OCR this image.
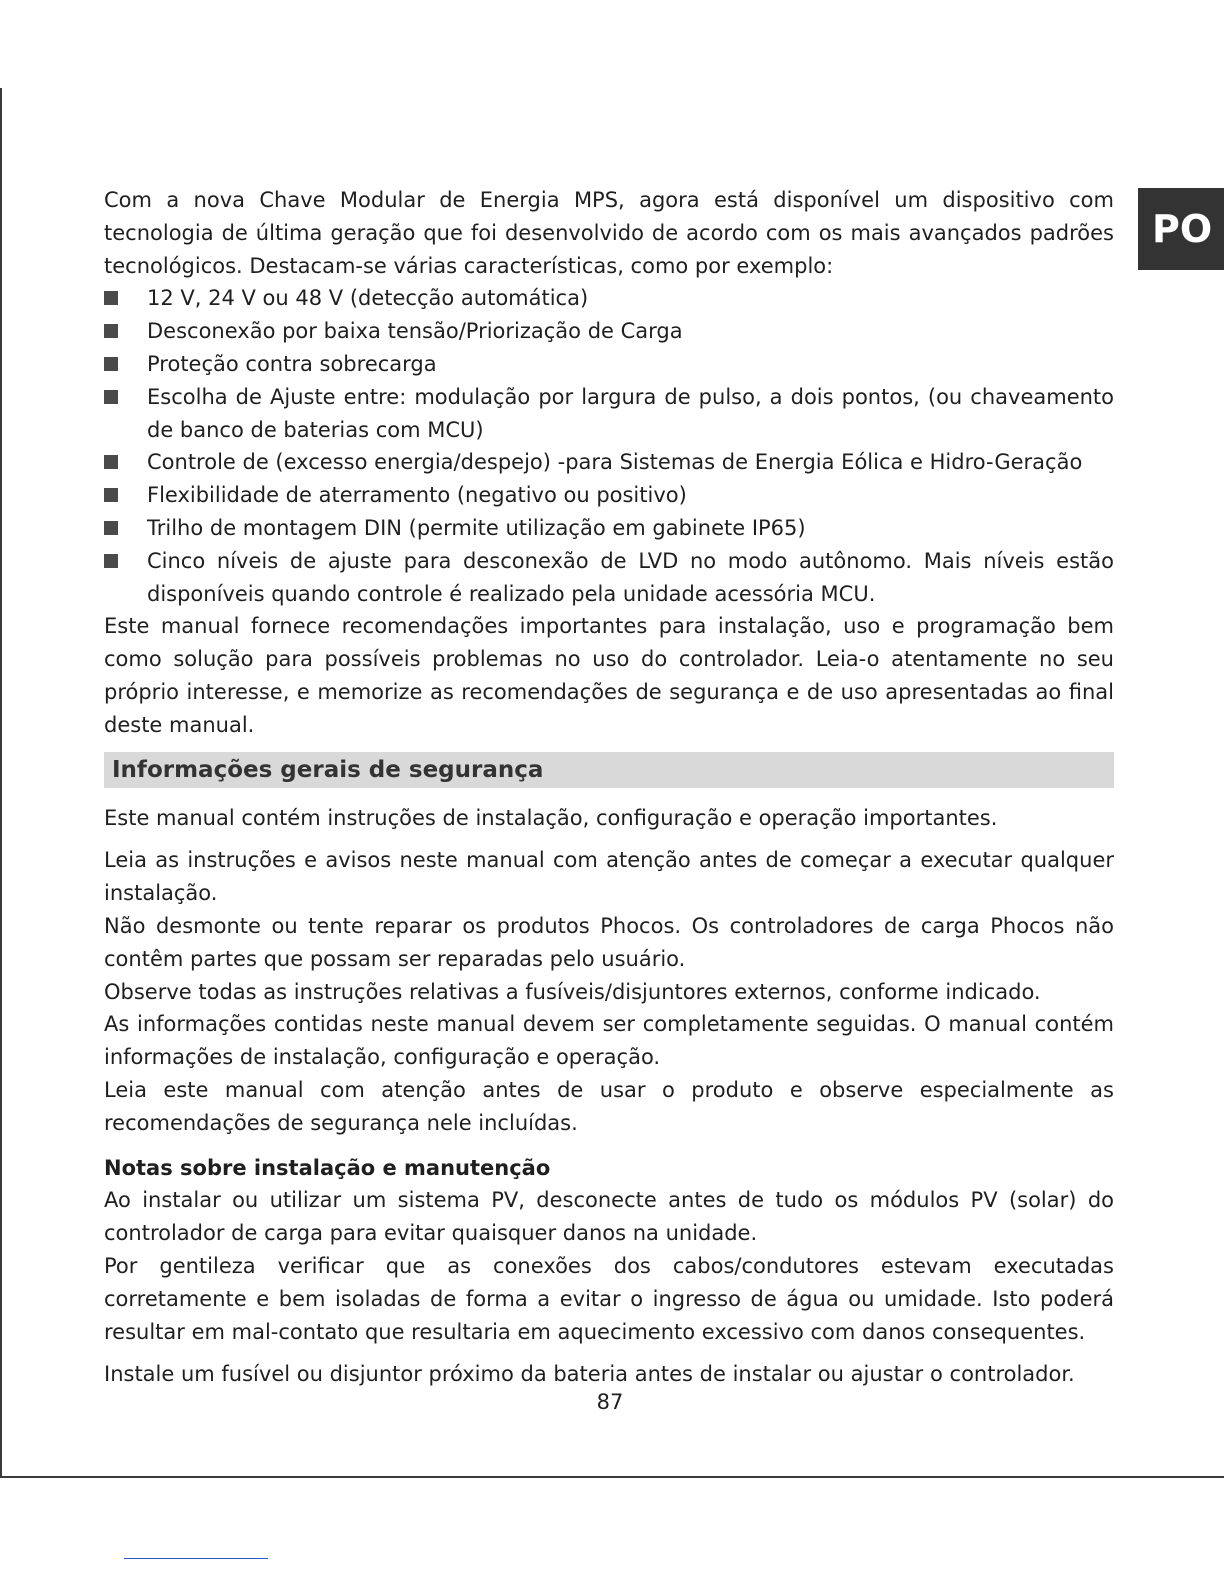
PO

Com a nova Chave Modular de Energia MPS, agora está disponível um dispositivo com tecnologia de última geração que foi desenvolvido de acordo com os mais avançados padrões tecnológicos. Destacam-se várias características, como por exemplo:

12 V, 24 V ou 48 V (detecção automática)
Desconexão por baixa tensão/Priorização de Carga
Proteção contra sobrecarga
Escolha de Ajuste entre: modulação por largura de pulso, a dois pontos, (ou chaveamento de banco de baterias com MCU)
Controle de (excesso energia/despejo) -para Sistemas de Energia Eólica e Hidro-Geração
Flexibilidade de aterramento (negativo ou positivo)
Trilho de montagem DIN (permite utilização em gabinete IP65)
Cinco níveis de ajuste para desconexão de LVD no modo autônomo. Mais níveis estão disponíveis quando controle é realizado pela unidade acessória MCU.

Este manual fornece recomendações importantes para instalação, uso e programação bem como solução para possíveis problemas no uso do controlador. Leia-o atentamente no seu próprio interesse, e memorize as recomendações de segurança e de uso apresentadas ao final deste manual.

Informações gerais de segurança

Este manual contém instruções de instalação, configuração e operação importantes.

Leia as instruções e avisos neste manual com atenção antes de começar a executar qualquer instalação.

Não desmonte ou tente reparar os produtos Phocos. Os controladores de carga Phocos não contêm partes que possam ser reparadas pelo usuário.

Observe todas as instruções relativas a fusíveis/disjuntores externos, conforme indicado.

As informações contidas neste manual devem ser completamente seguidas. O manual contém informações de instalação, configuração e operação.

Leia este manual com atenção antes de usar o produto e observe especialmente as recomendações de segurança nele incluídas.

Notas sobre instalação e manutenção

Ao instalar ou utilizar um sistema PV, desconecte antes de tudo os módulos PV (solar) do controlador de carga para evitar quaisquer danos na unidade.

Por gentileza verificar que as conexões dos cabos/condutores estevam executadas corretamente e bem isoladas de forma a evitar o ingresso de água ou umidade. Isto poderá resultar em mal-contato que resultaria em aquecimento excessivo com danos consequentes.

Instale um fusível ou disjuntor próximo da bateria antes de instalar ou ajustar o controlador.

87
